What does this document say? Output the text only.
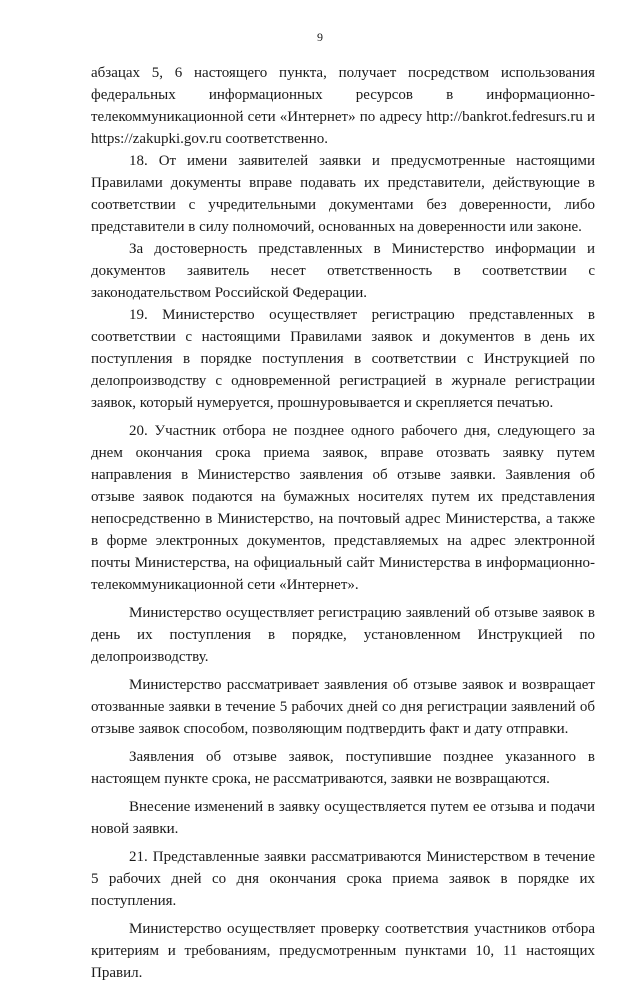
9

абзацах 5, 6 настоящего пункта, получает посредством использования федеральных информационных ресурсов в информационно-телекоммуникационной сети «Интернет» по адресу http://bankrot.fedresurs.ru и https://zakupki.gov.ru соответственно.

18. От имени заявителей заявки и предусмотренные настоящими Правилами документы вправе подавать их представители, действующие в соответствии с учредительными документами без доверенности, либо представители в силу полномочий, основанных на доверенности или законе.

За достоверность представленных в Министерство информации и документов заявитель несет ответственность в соответствии с законодательством Российской Федерации.

19. Министерство осуществляет регистрацию представленных в соответствии с настоящими Правилами заявок и документов в день их поступления в порядке поступления в соответствии с Инструкцией по делопроизводству с одновременной регистрацией в журнале регистрации заявок, который нумеруется, прошнуровывается и скрепляется печатью.

20. Участник отбора не позднее одного рабочего дня, следующего за днем окончания срока приема заявок, вправе отозвать заявку путем направления в Министерство заявления об отзыве заявки. Заявления об отзыве заявок подаются на бумажных носителях путем их представления непосредственно в Министерство, на почтовый адрес Министерства, а также в форме электронных документов, представляемых на адрес электронной почты Министерства, на официальный сайт Министерства в информационно-телекоммуникационной сети «Интернет».

Министерство осуществляет регистрацию заявлений об отзыве заявок в день их поступления в порядке, установленном Инструкцией по делопроизводству.

Министерство рассматривает заявления об отзыве заявок и возвращает отозванные заявки в течение 5 рабочих дней со дня регистрации заявлений об отзыве заявок способом, позволяющим подтвердить факт и дату отправки.

Заявления об отзыве заявок, поступившие позднее указанного в настоящем пункте срока, не рассматриваются, заявки не возвращаются.

Внесение изменений в заявку осуществляется путем ее отзыва и подачи новой заявки.

21. Представленные заявки рассматриваются Министерством в течение 5 рабочих дней со дня окончания срока приема заявок в порядке их поступления.

Министерство осуществляет проверку соответствия участников отбора критериям и требованиям, предусмотренным пунктами 10, 11 настоящих Правил.
